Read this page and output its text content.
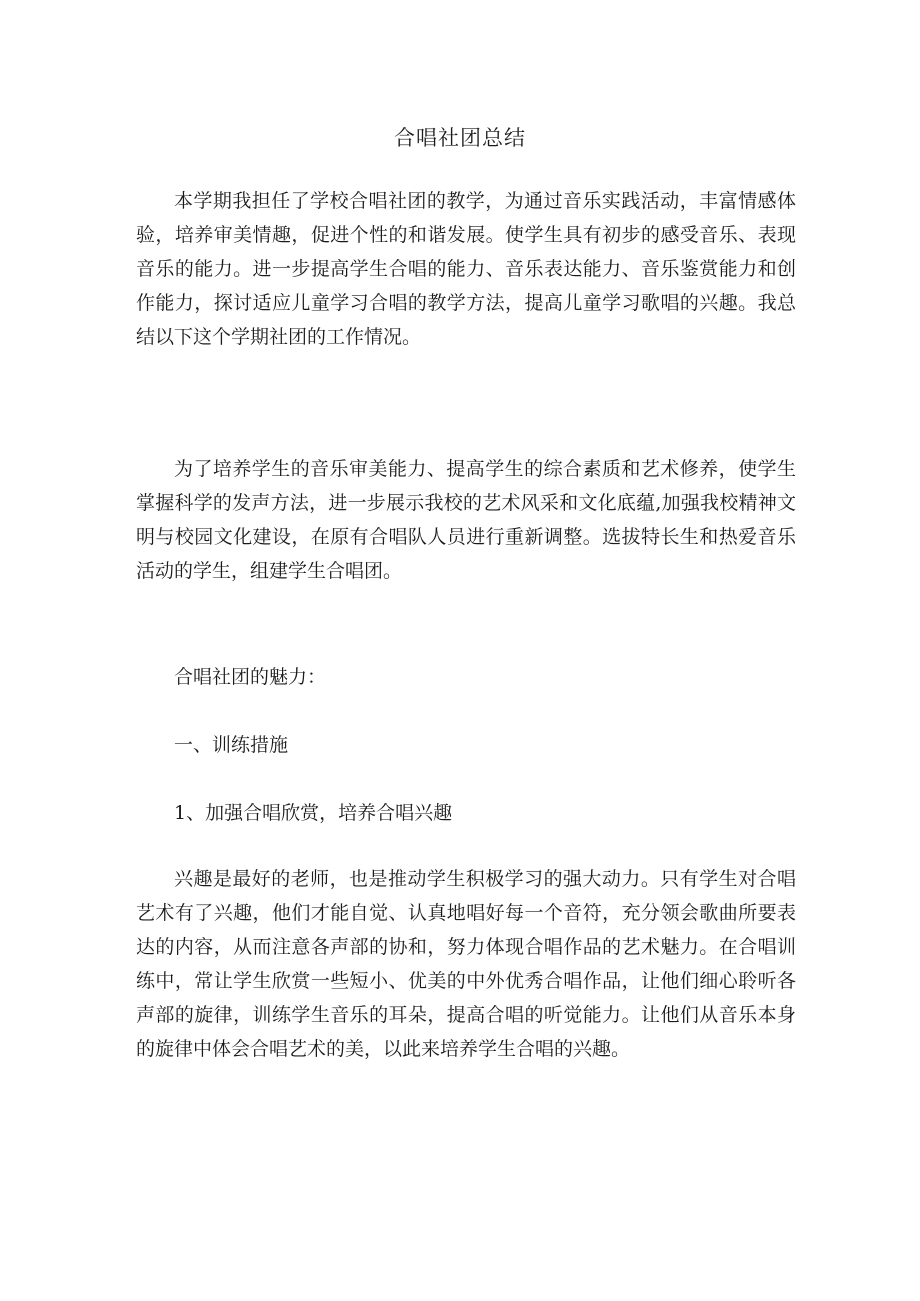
合唱社团总结

本学期我担任了学校合唱社团的教学，为通过音乐实践活动，丰富情感体验，培养审美情趣，促进个性的和谐发展。使学生具有初步的感受音乐、表现音乐的能力。进一步提高学生合唱的能力、音乐表达能力、音乐鉴赏能力和创作能力，探讨适应儿童学习合唱的教学方法，提高儿童学习歌唱的兴趣。我总结以下这个学期社团的工作情况。

为了培养学生的音乐审美能力、提高学生的综合素质和艺术修养，使学生掌握科学的发声方法，进一步展示我校的艺术风采和文化底蕴,加强我校精神文明与校园文化建设，在原有合唱队人员进行重新调整。选拔特长生和热爱音乐活动的学生，组建学生合唱团。

合唱社团的魅力：

一、训练措施

1、加强合唱欣赏，培养合唱兴趣

兴趣是最好的老师，也是推动学生积极学习的强大动力。只有学生对合唱艺术有了兴趣，他们才能自觉、认真地唱好每一个音符，充分领会歌曲所要表达的内容，从而注意各声部的协和，努力体现合唱作品的艺术魅力。在合唱训练中，常让学生欣赏一些短小、优美的中外优秀合唱作品，让他们细心聆听各声部的旋律，训练学生音乐的耳朵，提高合唱的听觉能力。让他们从音乐本身的旋律中体会合唱艺术的美，以此来培养学生合唱的兴趣。
